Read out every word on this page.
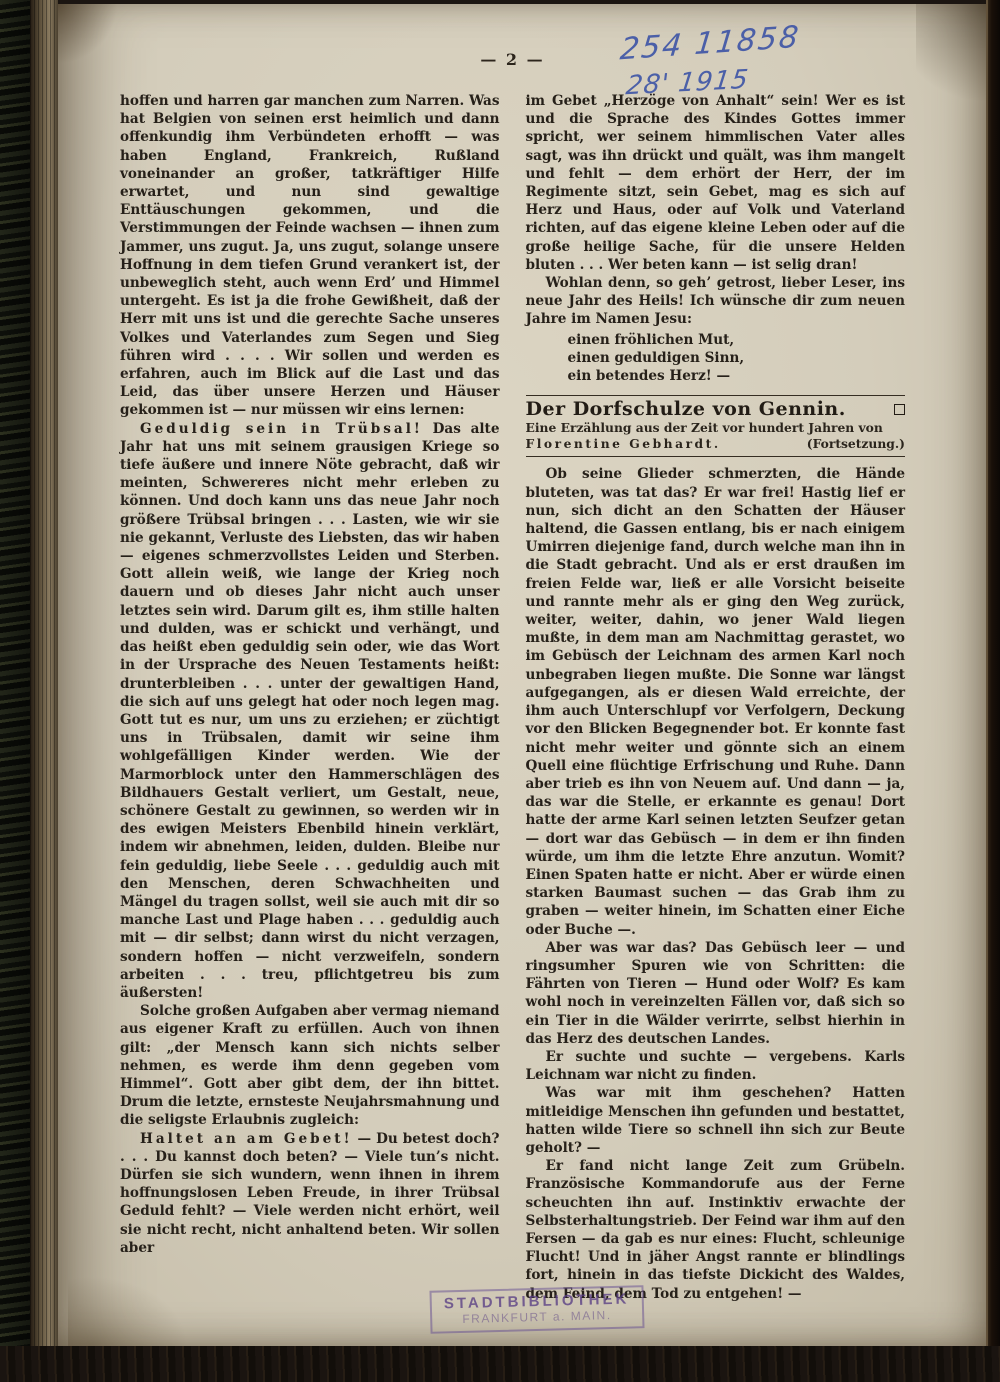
— 2 —	254 11858
28' 1915

hoffen und harren gar manchen zum Narren. Was hat Belgien von seinen erst heimlich und dann offenkundig ihm Verbündeten erhofft — was haben England, Frankreich, Rußland voneinander an großer, tatkräftiger Hilfe erwartet, und nun sind gewaltige Enttäuschungen gekommen, und die Verstimmungen der Feinde wachsen — ihnen zum Jammer, uns zugut. Ja, uns zugut, solange unsere Hoffnung in dem tiefen Grund verankert ist, der unbeweglich steht, auch wenn Erd’ und Himmel untergeht. Es ist ja die frohe Gewißheit, daß der Herr mit uns ist und die gerechte Sache unseres Volkes und Vaterlandes zum Segen und Sieg führen wird . . . . Wir sollen und werden es erfahren, auch im Blick auf die Last und das Leid, das über unsere Herzen und Häuser gekommen ist — nur müssen wir eins lernen:

Geduldig sein in Trübsal! Das alte Jahr hat uns mit seinem grausigen Kriege so tiefe äußere und innere Nöte gebracht, daß wir meinten, Schwereres nicht mehr erleben zu können. Und doch kann uns das neue Jahr noch größere Trübsal bringen . . . Lasten, wie wir sie nie gekannt, Verluste des Liebsten, das wir haben — eigenes schmerzvollstes Leiden und Sterben. Gott allein weiß, wie lange der Krieg noch dauern und ob dieses Jahr nicht auch unser letztes sein wird. Darum gilt es, ihm stille halten und dulden, was er schickt und verhängt, und das heißt eben geduldig sein oder, wie das Wort in der Ursprache des Neuen Testaments heißt: drunterbleiben . . . unter der gewaltigen Hand, die sich auf uns gelegt hat oder noch legen mag. Gott tut es nur, um uns zu erziehen; er züchtigt uns in Trübsalen, damit wir seine ihm wohlgefälligen Kinder werden. Wie der Marmorblock unter den Hammerschlägen des Bildhauers Gestalt verliert, um Gestalt, neue, schönere Gestalt zu gewinnen, so werden wir in des ewigen Meisters Ebenbild hinein verklärt, indem wir abnehmen, leiden, dulden. Bleibe nur fein geduldig, liebe Seele . . . geduldig auch mit den Menschen, deren Schwachheiten und Mängel du tragen sollst, weil sie auch mit dir so manche Last und Plage haben . . . geduldig auch mit — dir selbst; dann wirst du nicht verzagen, sondern hoffen — nicht verzweifeln, sondern arbeiten . . . treu, pflichtgetreu bis zum äußersten!

Solche großen Aufgaben aber vermag niemand aus eigener Kraft zu erfüllen. Auch von ihnen gilt: „der Mensch kann sich nichts selber nehmen, es werde ihm denn gegeben vom Himmel“. Gott aber gibt dem, der ihn bittet. Drum die letzte, ernsteste Neujahrsmahnung und die seligste Erlaubnis zugleich:

Haltet an am Gebet! — Du betest doch? . . . Du kannst doch beten? — Viele tun’s nicht. Dürfen sie sich wundern, wenn ihnen in ihrem hoffnungslosen Leben Freude, in ihrer Trübsal Geduld fehlt? — Viele werden nicht erhört, weil sie nicht recht, nicht anhaltend beten. Wir sollen aber

im Gebet „Herzöge von Anhalt“ sein! Wer es ist und die Sprache des Kindes Gottes immer spricht, wer seinem himmlischen Vater alles sagt, was ihn drückt und quält, was ihm mangelt und fehlt — dem erhört der Herr, der im Regimente sitzt, sein Gebet, mag es sich auf Herz und Haus, oder auf Volk und Vaterland richten, auf das eigene kleine Leben oder auf die große heilige Sache, für die unsere Helden bluten . . . Wer beten kann — ist selig dran!

Wohlan denn, so geh’ getrost, lieber Leser, ins neue Jahr des Heils! Ich wünsche dir zum neuen Jahre im Namen Jesu:

einen fröhlichen Mut,

einen geduldigen Sinn,

ein betendes Herz! —

Der Dorfschulze von Gennin.
Eine Erzählung aus der Zeit vor hundert Jahren von
Florentine Gebhardt.	(Fortsetzung.)

Ob seine Glieder schmerzten, die Hände bluteten, was tat das? Er war frei! Hastig lief er nun, sich dicht an den Schatten der Häuser haltend, die Gassen entlang, bis er nach einigem Umirren diejenige fand, durch welche man ihn in die Stadt gebracht. Und als er erst draußen im freien Felde war, ließ er alle Vorsicht beiseite und rannte mehr als er ging den Weg zurück, weiter, weiter, dahin, wo jener Wald liegen mußte, in dem man am Nachmittag gerastet, wo im Gebüsch der Leichnam des armen Karl noch unbegraben liegen mußte. Die Sonne war längst aufgegangen, als er diesen Wald erreichte, der ihm auch Unterschlupf vor Verfolgern, Deckung vor den Blicken Begegnender bot. Er konnte fast nicht mehr weiter und gönnte sich an einem Quell eine flüchtige Erfrischung und Ruhe. Dann aber trieb es ihn von Neuem auf. Und dann — ja, das war die Stelle, er erkannte es genau! Dort hatte der arme Karl seinen letzten Seufzer getan — dort war das Gebüsch — in dem er ihn finden würde, um ihm die letzte Ehre anzutun. Womit? Einen Spaten hatte er nicht. Aber er würde einen starken Baumast suchen — das Grab ihm zu graben — weiter hinein, im Schatten einer Eiche oder Buche —.

Aber was war das? Das Gebüsch leer — und ringsumher Spuren wie von Schritten: die Fährten von Tieren — Hund oder Wolf? Es kam wohl noch in vereinzelten Fällen vor, daß sich so ein Tier in die Wälder verirrte, selbst hierhin in das Herz des deutschen Landes.

Er suchte und suchte — vergebens. Karls Leichnam war nicht zu finden.

Was war mit ihm geschehen? Hatten mitleidige Menschen ihn gefunden und bestattet, hatten wilde Tiere so schnell ihn sich zur Beute geholt? —

Er fand nicht lange Zeit zum Grübeln. Französische Kommandorufe aus der Ferne scheuchten ihn auf. Instinktiv erwachte der Selbsterhaltungstrieb. Der Feind war ihm auf den Fersen — da gab es nur eines: Flucht, schleunige Flucht! Und in jäher Angst rannte er blindlings fort, hinein in das tiefste Dickicht des Waldes, dem Feind, dem Tod zu entgehen! —

STADTBIBLIOTHEK
FRANKFURT a. MAIN.
